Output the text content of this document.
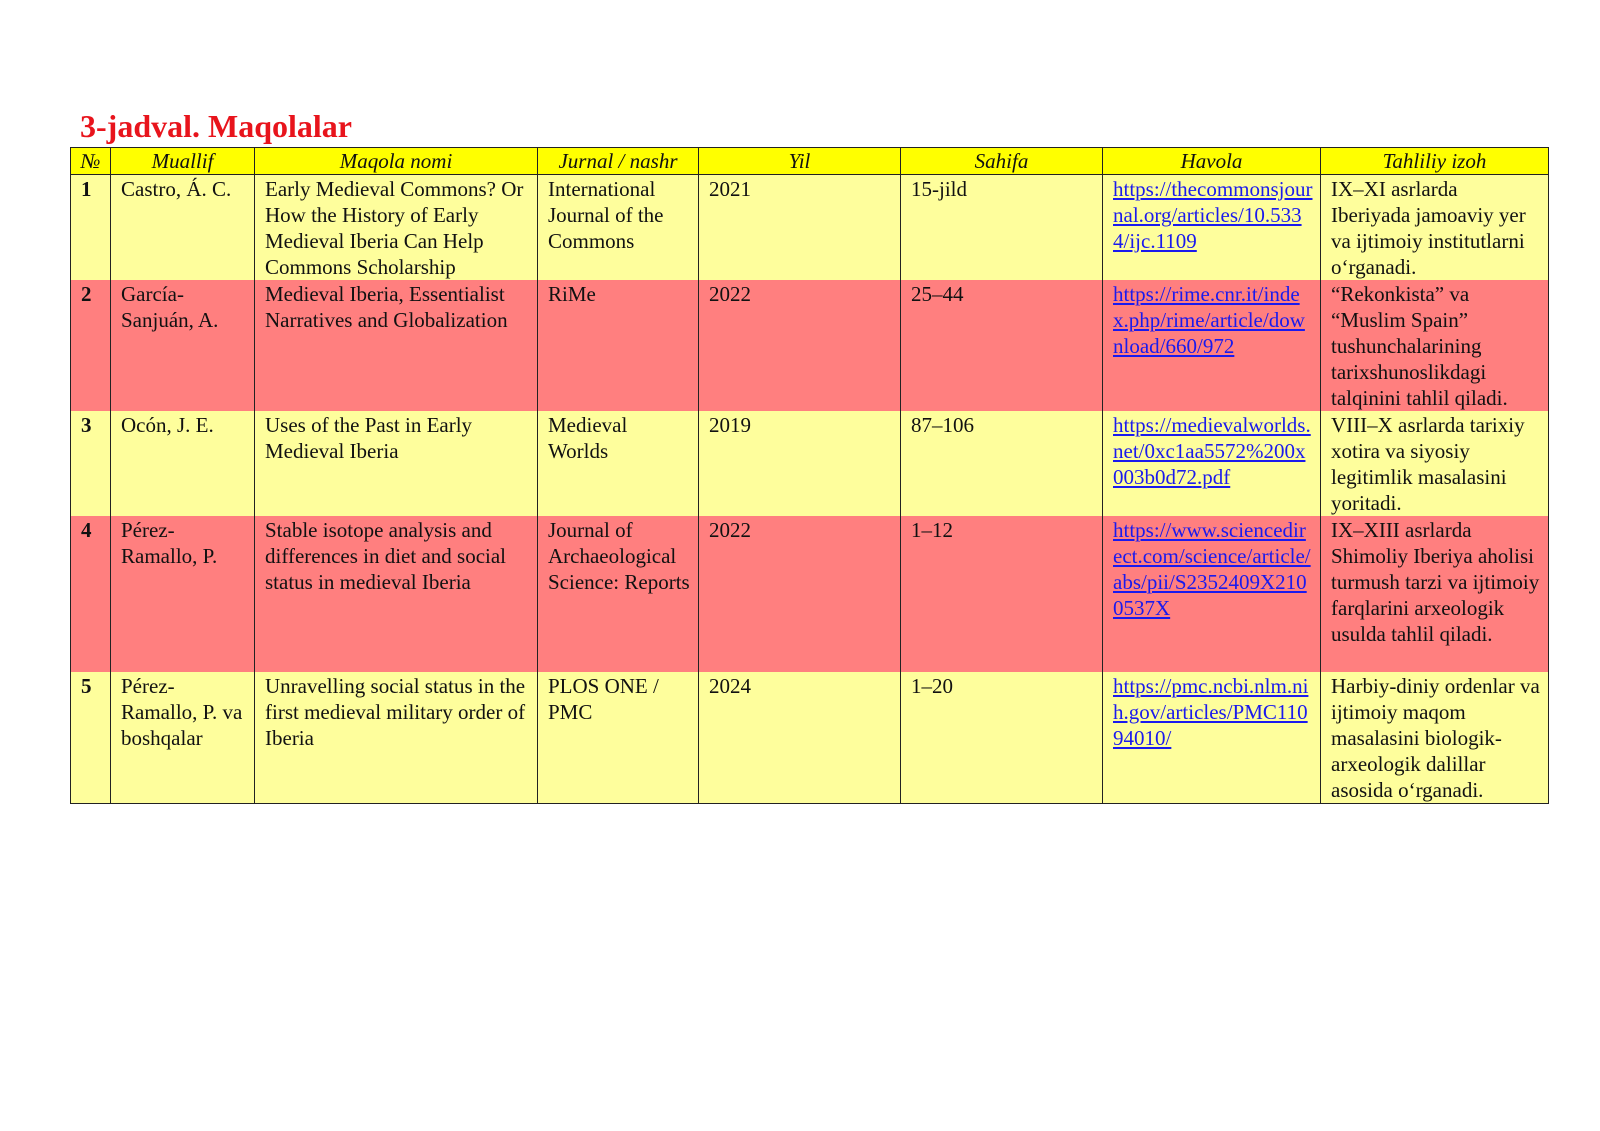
3-jadval. Maqolalar
№	Muallif	Maqola nomi	Jurnal / nashr	Yil	Sahifa	Havola	Tahliliy izoh
1	Castro, Á. C.	Early Medieval Commons? Or How the History of Early Medieval Iberia Can Help Commons Scholarship	International Journal of the Commons	2021	15-jild	https://thecommonsjournal.org/articles/10.5334/ijc.1109	IX–XI asrlarda Iberiyada jamoaviy yer va ijtimoiy institutlarni oʻrganadi.
2	García-Sanjuán, A.	Medieval Iberia, Essentialist Narratives and Globalization	RiMe	2022	25–44	https://rime.cnr.it/index.php/rime/article/download/660/972	“Rekonkista” va “Muslim Spain” tushunchalarining tarixshunoslikdagi talqinini tahlil qiladi.
3	Ocón, J. E.	Uses of the Past in Early Medieval Iberia	Medieval Worlds	2019	87–106	https://medievalworlds.net/0xc1aa5572%200x003b0d72.pdf	VIII–X asrlarda tarixiy xotira va siyosiy legitimlik masalasini yoritadi.
4	Pérez-Ramallo, P.	Stable isotope analysis and differences in diet and social status in medieval Iberia	Journal of Archaeological Science: Reports	2022	1–12	https://www.sciencedirect.com/science/article/abs/pii/S2352409X2100537X	IX–XIII asrlarda Shimoliy Iberiya aholisi turmush tarzi va ijtimoiy farqlarini arxeologik usulda tahlil qiladi.
5	Pérez-Ramallo, P. va boshqalar	Unravelling social status in the first medieval military order of Iberia	PLOS ONE / PMC	2024	1–20	https://pmc.ncbi.nlm.nih.gov/articles/PMC11094010/	Harbiy-diniy ordenlar va ijtimoiy maqom masalasini biologik-arxeologik dalillar asosida oʻrganadi.
